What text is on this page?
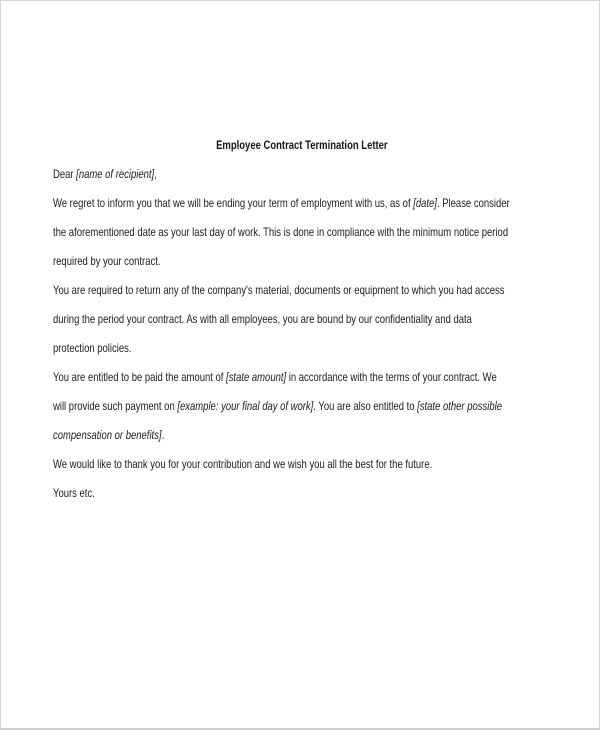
Employee Contract Termination Letter

Dear [name of recipient],

We regret to inform you that we will be ending your term of employment with us, as of [date]. Please consider
the aforementioned date as your last day of work. This is done in compliance with the minimum notice period
required by your contract.

You are required to return any of the company's material, documents or equipment to which you had access
during the period your contract. As with all employees, you are bound by our confidentiality and data
protection policies.

You are entitled to be paid the amount of [state amount] in accordance with the terms of your contract. We
will provide such payment on [example: your final day of work]. You are also entitled to [state other possible
compensation or benefits].

We would like to thank you for your contribution and we wish you all the best for the future.

Yours etc.
